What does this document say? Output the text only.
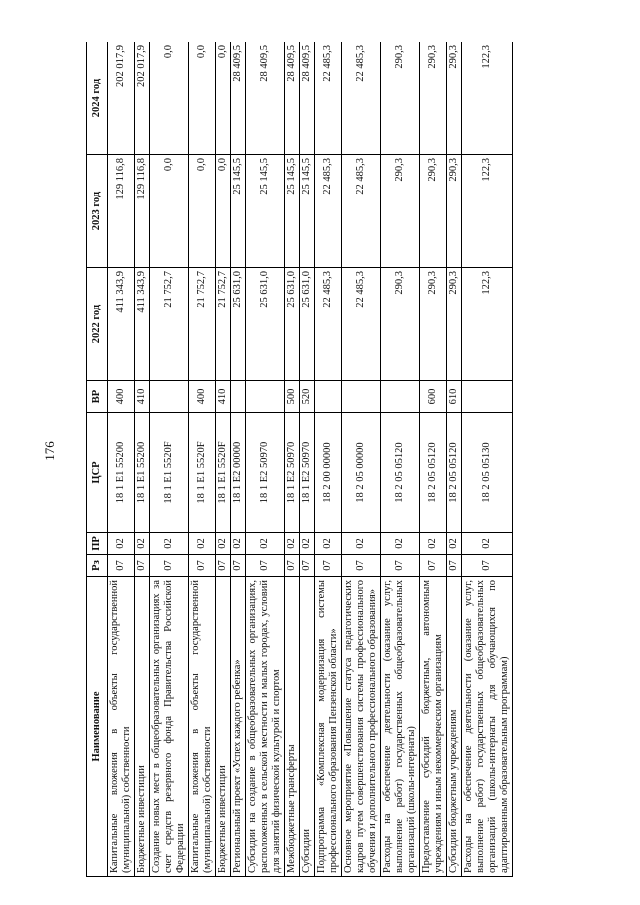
176
Наименование	Рз	ПР	ЦСР	ВР	2022 год	2023 год	2024 год
Капитальные вложения в объекты государственной (муниципальной) собственности	07	02	18 1 E1 55200	400	411 343,9	129 116,8	202 017,9
Бюджетные инвестиции	07	02	18 1 E1 55200	410	411 343,9	129 116,8	202 017,9
Создание новых мест в общеобразовательных организациях за счет средств резервного фонда Правительства Российской Федерации	07	02	18 1 E1 5520F		21 752,7	0,0	0,0
Капитальные вложения в объекты государственной (муниципальной) собственности	07	02	18 1 E1 5520F	400	21 752,7	0,0	0,0
Бюджетные инвестиции	07	02	18 1 E1 5520F	410	21 752,7	0,0	0,0
Региональный проект «Успех каждого ребенка»	07	02	18 1 E2 00000		25 631,0	25 145,5	28 409,5
Субсидии на создание в общеобразовательных организациях, расположенных в сельской местности и малых городах, условий для занятий физической культурой и спортом	07	02	18 1 E2 50970		25 631,0	25 145,5	28 409,5
Межбюджетные трансферты	07	02	18 1 E2 50970	500	25 631,0	25 145,5	28 409,5
Субсидии	07	02	18 1 E2 50970	520	25 631,0	25 145,5	28 409,5
Подпрограмма «Комплексная модернизация системы профессионального образования Пензенской области»	07	02	18 2 00 00000		22 485,3	22 485,3	22 485,3
Основное мероприятие «Повышение статуса педагогических кадров путем совершенствования системы профессионального обучения и дополнительного профессионального образования»	07	02	18 2 05 00000		22 485,3	22 485,3	22 485,3
Расходы на обеспечение деятельности (оказание услуг, выполнение работ) государственных общеобразовательных организаций (школы-интернаты)	07	02	18 2 05 05120		290,3	290,3	290,3
Предоставление субсидий бюджетным, автономным учреждениям и иным некоммерческим организациям	07	02	18 2 05 05120	600	290,3	290,3	290,3
Субсидии бюджетным учреждениям	07	02	18 2 05 05120	610	290,3	290,3	290,3
Расходы на обеспечение деятельности (оказание услуг, выполнение работ) государственных общеобразовательных организаций (школы-интернаты для обучающихся по адаптированным образовательным программам)	07	02	18 2 05 05130		122,3	122,3	122,3
